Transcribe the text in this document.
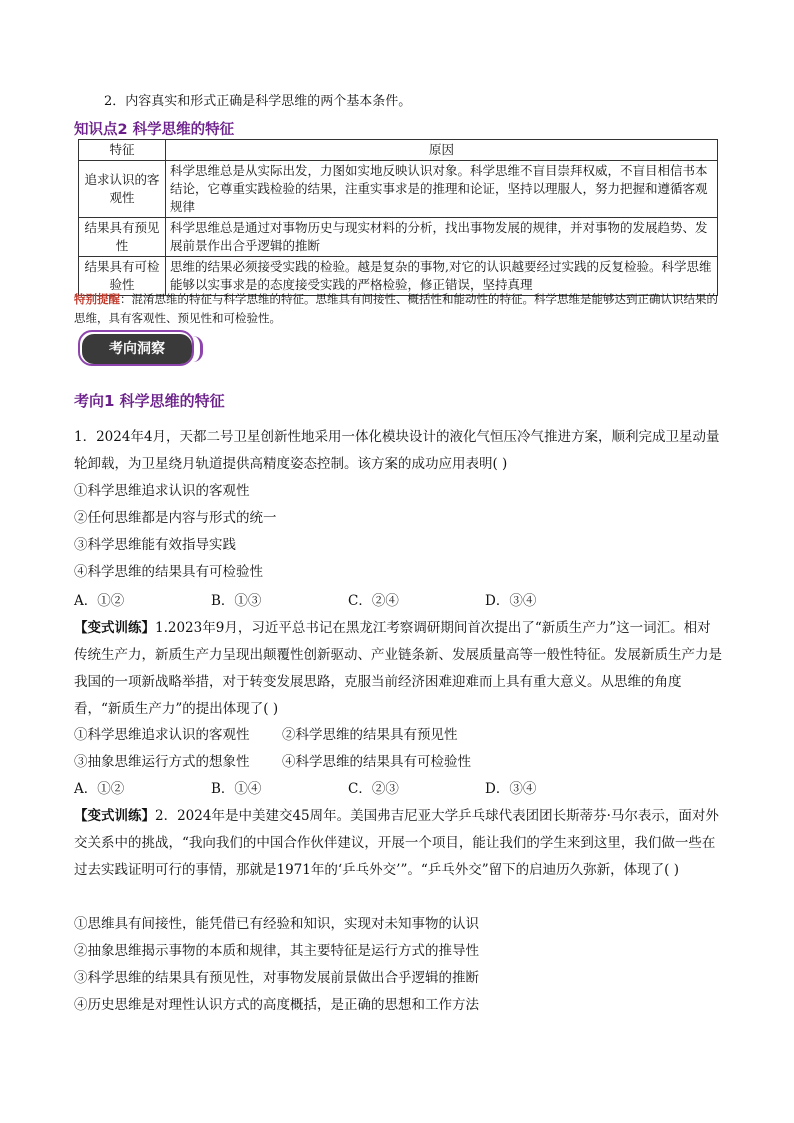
2．内容真实和形式正确是科学思维的两个基本条件。
知识点2 科学思维的特征
特征	原因
追求认识的客观性	科学思维总是从实际出发，力图如实地反映认识对象。科学思维不盲目崇拜权威，不盲目相信书本结论，它尊重实践检验的结果，注重实事求是的推理和论证，坚持以理服人，努力把握和遵循客观规律
结果具有预见性	科学思维总是通过对事物历史与现实材料的分析，找出事物发展的规律，并对事物的发展趋势、发展前景作出合乎逻辑的推断
结果具有可检验性	思维的结果必须接受实践的检验。越是复杂的事物,对它的认识越要经过实践的反复检验。科学思维能够以实事求是的态度接受实践的严格检验，修正错误，坚持真理
特别提醒：混淆思维的特征与科学思维的特征。思维具有间接性、概括性和能动性的特征。科学思维是能够达到正确认识结果的思维，具有客观性、预见性和可检验性。
考向洞察
考向1 科学思维的特征

1．2024年4月，天都二号卫星创新性地采用一体化模块设计的液化气恒压冷气推进方案，顺利完成卫星动量轮卸载，为卫星绕月轨道提供高精度姿态控制。该方案的成功应用表明( )

①科学思维追求认识的客观性

②任何思维都是内容与形式的统一

③科学思维能有效指导实践

④科学思维的结果具有可检验性

A．①②	B．①③	C．②④	D．③④

【变式训练】1.2023年9月，习近平总书记在黑龙江考察调研期间首次提出了“新质生产力”这一词汇。相对传统生产力，新质生产力呈现出颠覆性创新驱动、产业链条新、发展质量高等一般性特征。发展新质生产力是我国的一项新战略举措，对于转变发展思路，克服当前经济困难迎难而上具有重大意义。从思维的角度看，“新质生产力”的提出体现了( )

①科学思维追求认识的客观性 ②科学思维的结果具有预见性

③抽象思维运行方式的想象性 ④科学思维的结果具有可检验性

A．①②	B．①④	C．②③	D．③④

【变式训练】2．2024年是中美建交45周年。美国弗吉尼亚大学乒乓球代表团团长斯蒂芬·马尔表示，面对外交关系中的挑战，“我向我们的中国合作伙伴建议，开展一个项目，能让我们的学生来到这里，我们做一些在过去实践证明可行的事情，那就是1971年的‘乒乓外交’”。“乒乓外交”留下的启迪历久弥新，体现了( )

①思维具有间接性，能凭借已有经验和知识，实现对未知事物的认识

②抽象思维揭示事物的本质和规律，其主要特征是运行方式的推导性

③科学思维的结果具有预见性，对事物发展前景做出合乎逻辑的推断

④历史思维是对理性认识方式的高度概括，是正确的思想和工作方法
